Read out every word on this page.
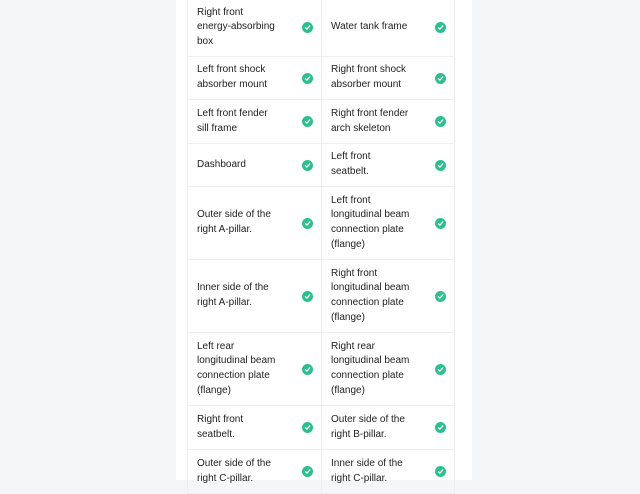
Right front
energy-absorbing
box
Water tank frame
Left front shock
absorber mount
Right front shock
absorber mount
Left front fender
sill frame
Right front fender
arch skeleton
Dashboard
Left front
seatbelt.
Outer side of the
right A-pillar.
Left front
longitudinal beam
connection plate
(flange)
Inner side of the
right A-pillar.
Right front
longitudinal beam
connection plate
(flange)
Left rear
longitudinal beam
connection plate
(flange)
Right rear
longitudinal beam
connection plate
(flange)
Right front
seatbelt.
Outer side of the
right B-pillar.
Outer side of the
right C-pillar.
Inner side of the
right C-pillar.
